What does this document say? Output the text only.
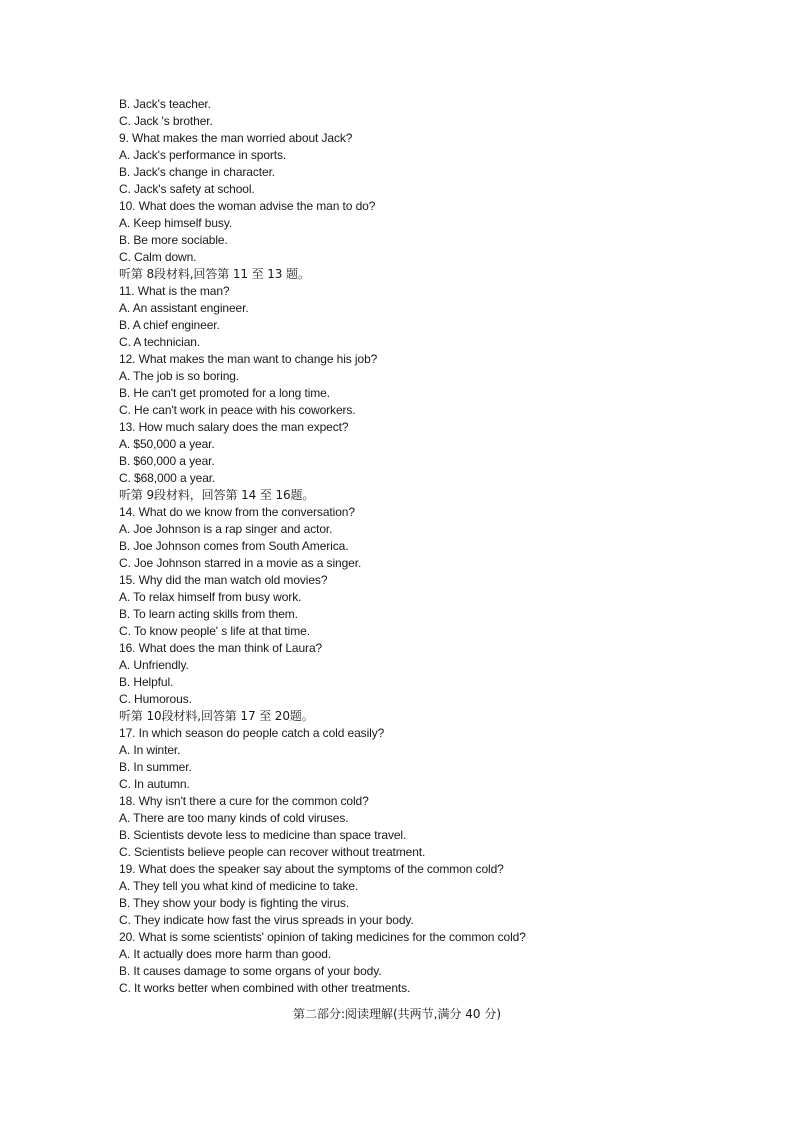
B. Jack's teacher.
C. Jack 's brother.
9. What makes the man worried about Jack?
A. Jack's performance in sports.
B. Jack's change in character.
C. Jack's safety at school.
10. What does the woman advise the man to do?
A. Keep himself busy.
B. Be more sociable.
C. Calm down.
听第 8段材料,回答第 11 至 13 题。
11. What is the man?
A. An assistant engineer.
B. A chief engineer.
C. A technician.
12. What makes the man want to change his job?
A. The job is so boring.
B. He can't get promoted for a long time.
C. He can't work in peace with his coworkers.
13. How much salary does the man expect?
A. $50,000 a year.
B. $60,000 a year.
C. $68,000 a year.
听第 9段材料，回答第 14 至 16题。
14. What do we know from the conversation?
A. Joe Johnson is a rap singer and actor.
B. Joe Johnson comes from South America.
C. Joe Johnson starred in a movie as a singer.
15. Why did the man watch old movies?
A. To relax himself from busy work.
B. To learn acting skills from them.
C. To know people' s life at that time.
16. What does the man think of Laura?
A. Unfriendly.
B. Helpful.
C. Humorous.
听第 10段材料,回答第 17 至 20题。
17. In which season do people catch a cold easily?
A. In winter.
B. In summer.
C. In autumn.
18. Why isn't there a cure for the common cold?
A. There are too many kinds of cold viruses.
B. Scientists devote less to medicine than space travel.
C. Scientists believe people can recover without treatment.
19. What does the speaker say about the symptoms of the common cold?
A. They tell you what kind of medicine to take.
B. They show your body is fighting the virus.
C. They indicate how fast the virus spreads in your body.
20. What is some scientists' opinion of taking medicines for the common cold?
A. It actually does more harm than good.
B. It causes damage to some organs of your body.
C. It works better when combined with other treatments.
第二部分:阅读理解(共两节,满分 40 分)
